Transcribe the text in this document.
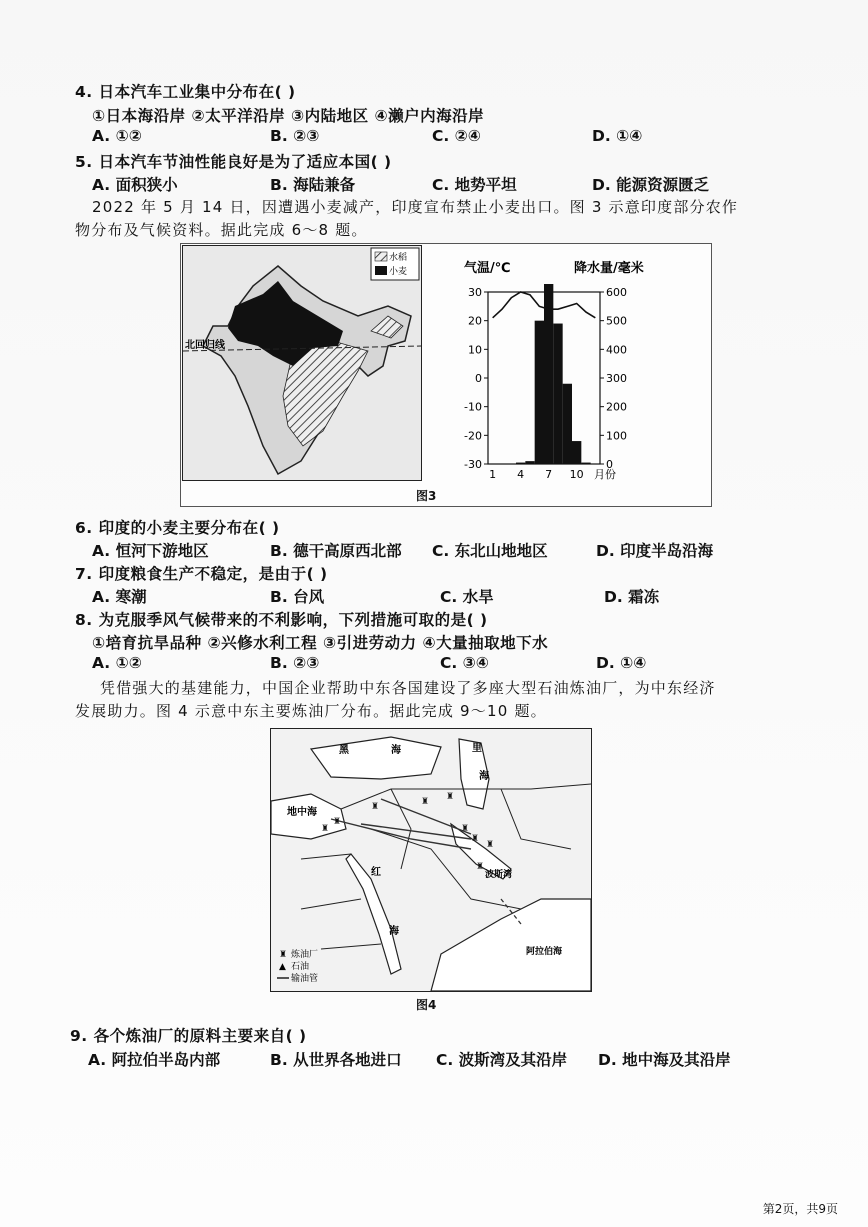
4. 日本汽车工业集中分布在( )
①日本海沿岸 ②太平洋沿岸 ③内陆地区 ④濑户内海沿岸
A. ①②	B. ②③	C. ②④	D. ①④
5. 日本汽车节油性能良好是为了适应本国( )
A. 面积狭小	B. 海陆兼备	C. 地势平坦	D. 能源资源匮乏
2022 年 5 月 14 日，因遭遇小麦减产，印度宣布禁止小麦出口。图 3 示意印度部分农作
物分布及气候资料。据此完成 6～8 题。
北回归线
水稻
小麦	气温/℃	降水量/毫米
30
20
10
0
-10
-20
-30
600
500
400
300
200
100
0
1 4 7 10 月份
图3
6. 印度的小麦主要分布在( )
A. 恒河下游地区	B. 德干高原西北部 C. 东北山地地区	D. 印度半岛沿海
7. 印度粮食生产不稳定，是由于( )
A. 寒潮	B. 台风	C. 水旱	D. 霜冻
8. 为克服季风气候带来的不利影响，下列措施可取的是( )
①培育抗旱品种 ②兴修水利工程 ③引进劳动力 ④大量抽取地下水
A. ①②	B. ②③	C. ③④	D. ①④
凭借强大的基建能力，中国企业帮助中东各国建设了多座大型石油炼油厂，为中东经济
发展助力。图 4 示意中东主要炼油厂分布。据此完成 9～10 题。
♜ ♜
♜
♜
♜
♜
♜
♜
♜
黑	海	里
海
地中海
红
海
阿拉伯海
波斯湾
♜ 炼油厂
▲ 石油
输油管
图4
9. 各个炼油厂的原料主要来自( )
A. 阿拉伯半岛内部	B. 从世界各地进口 C. 波斯湾及其沿岸 D. 地中海及其沿岸
第2页，共9页
